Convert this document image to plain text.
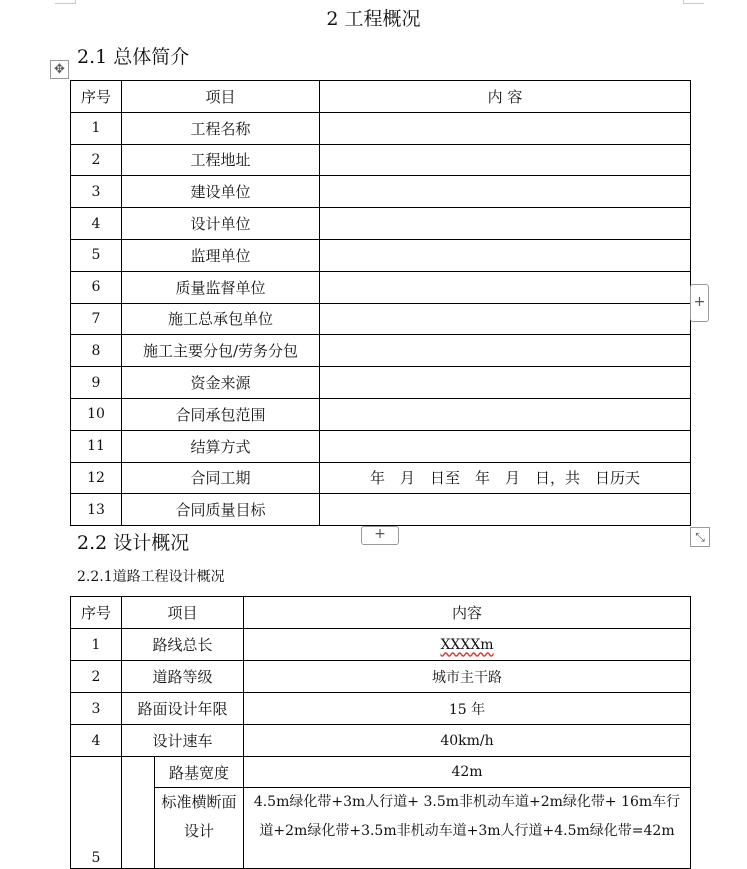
2 工程概况
2.1 总体简介
✥
序号	项目	内 容
1	工程名称	
2	工程地址	
3	建设单位	
4	设计单位	
5	监理单位	
6	质量监督单位	
7	施工总承包单位	
8	施工主要分包/劳务分包	
9	资金来源	
10	合同承包范围	
11	结算方式	
12	合同工期	年　月　日至　年　月　日，共　日历天
13	合同质量目标	
+
+	⤡
2.2 设计概况
2.2.1道路工程设计概况
序号	项目		内容
1	路线总长		XXXXm
2	道路等级		城市主干路
3	路面设计年限		15 年
4	设计速车		40km/h
5		路基宽度	42m
		标准横断面设计	4.5m绿化带+3m人行道+ 3.5m非机动车道+2m绿化带+ 16m车行道+2m绿化带+3.5m非机动车道+3m人行道+4.5m绿化带=42m
